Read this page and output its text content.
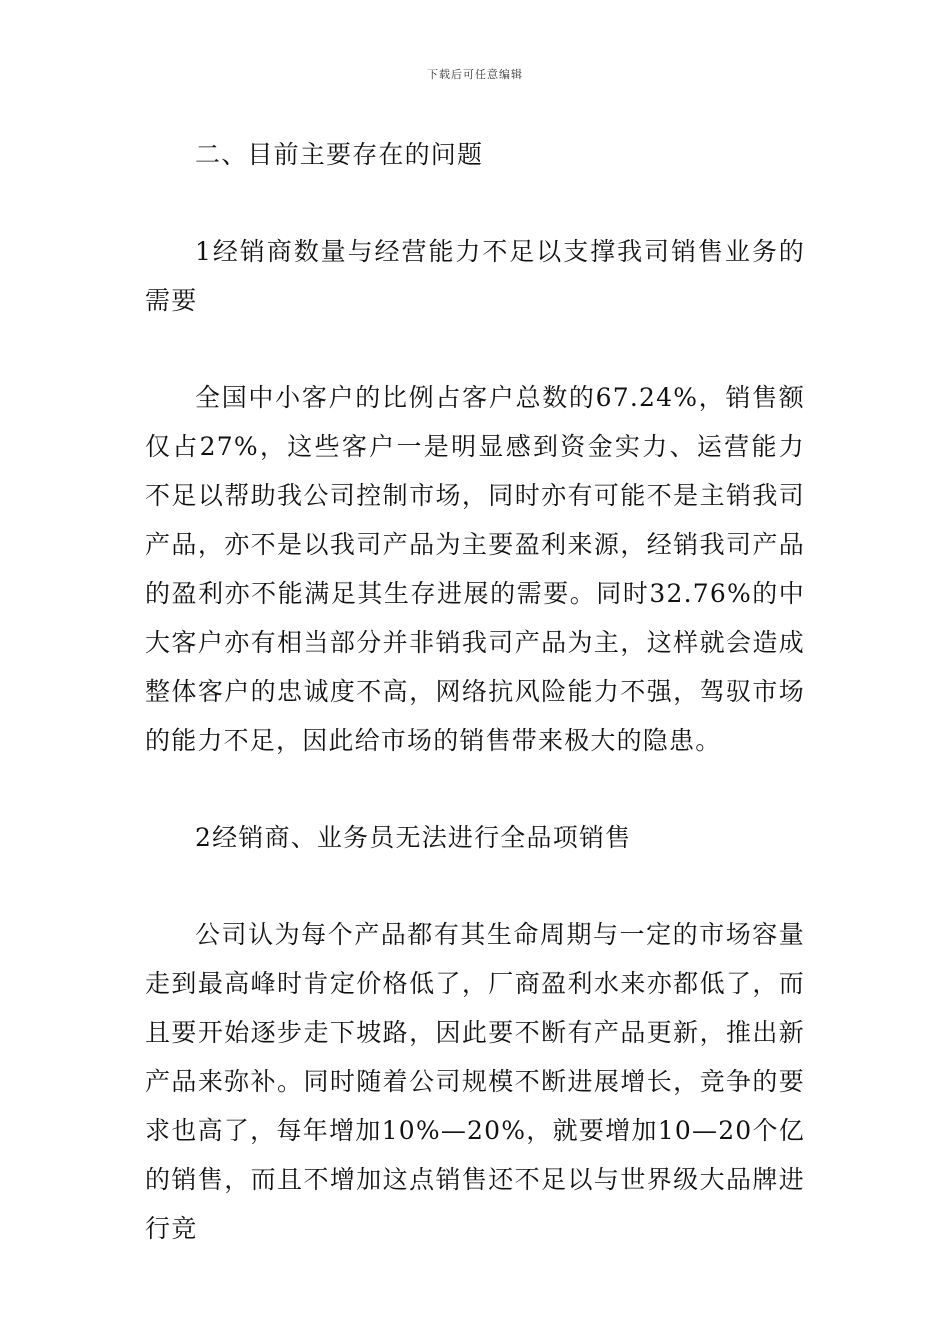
下载后可任意编辑

二、目前主要存在的问题

1经销商数量与经营能力不足以支撑我司销售业务的需要

全国中小客户的比例占客户总数的67.24%，销售额仅占27%，这些客户一是明显感到资金实力、运营能力不足以帮助我公司控制市场，同时亦有可能不是主销我司产品，亦不是以我司产品为主要盈利来源，经销我司产品的盈利亦不能满足其生存进展的需要。同时32.76%的中大客户亦有相当部分并非销我司产品为主，这样就会造成整体客户的忠诚度不高，网络抗风险能力不强，驾驭市场的能力不足，因此给市场的销售带来极大的隐患。

2经销商、业务员无法进行全品项销售

公司认为每个产品都有其生命周期与一定的市场容量走到最高峰时肯定价格低了，厂商盈利水来亦都低了，而且要开始逐步走下坡路，因此要不断有产品更新，推出新产品来弥补。同时随着公司规模不断进展增长，竞争的要求也高了，每年增加10%—20%，就要增加10—20个亿的销售，而且不增加这点销售还不足以与世界级大品牌进行竞
